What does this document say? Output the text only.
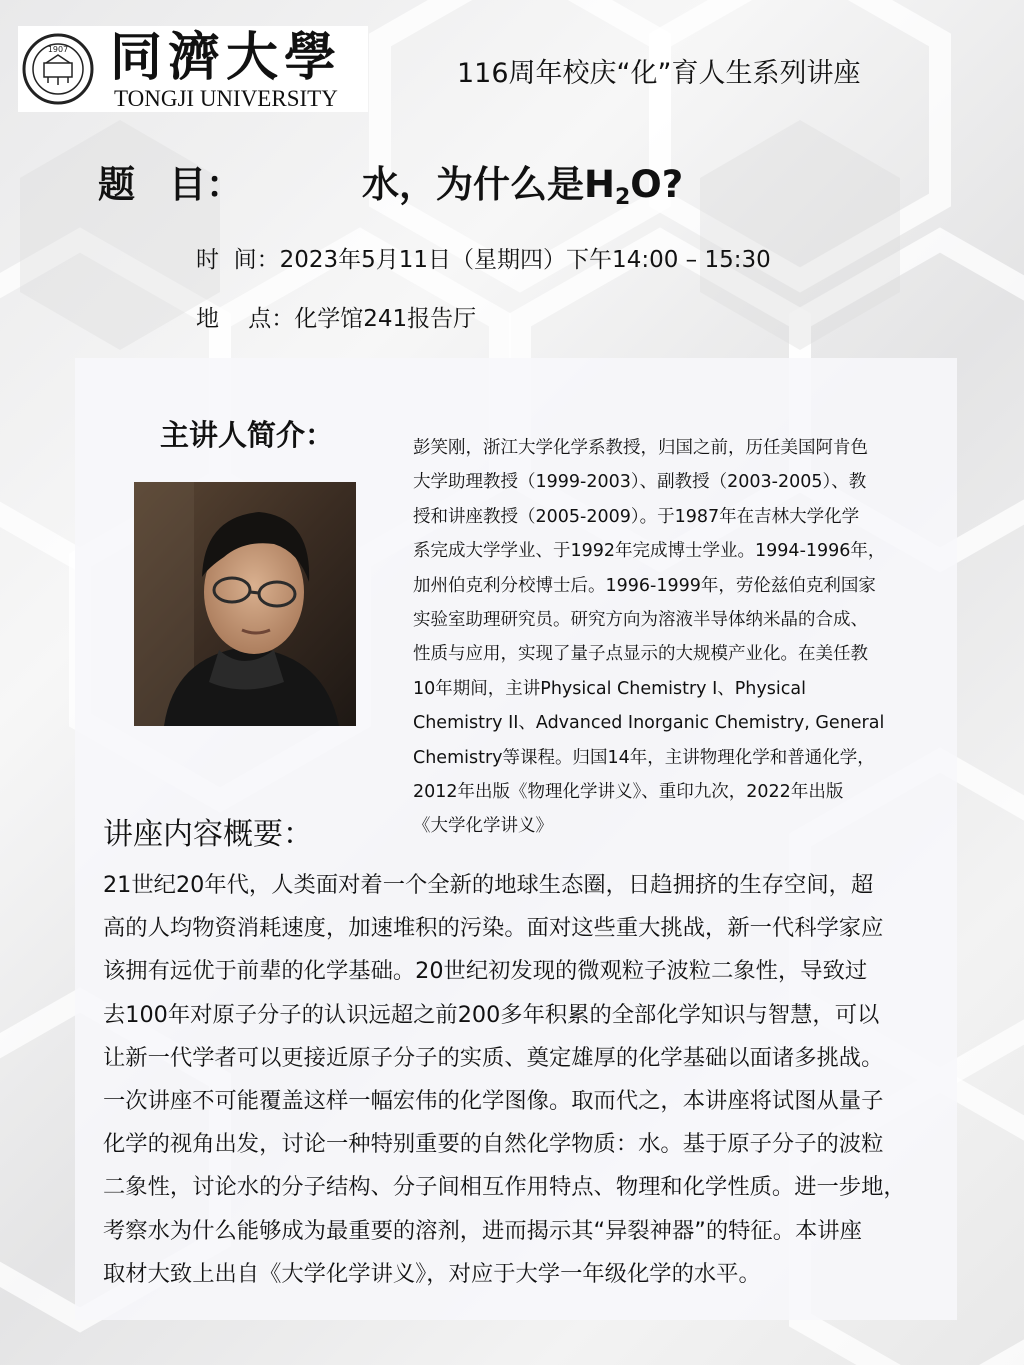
1907 同濟大學
TONGJI UNIVERSITY
116周年校庆“化”育人生系列讲座
题 目：	水，为什么是$H_2O$?
时  间：2023年5月11日（星期四）下午14:00 – 15:30
地    点：化学馆241报告厅
主讲人简介：	彭笑刚，浙江大学化学系教授，归国之前，历任美国阿肯色
大学助理教授（1999-2003）、副教授（2003-2005）、教
授和讲座教授（2005-2009）。于1987年在吉林大学化学
系完成大学学业、于1992年完成博士学业。1994-1996年，
加州伯克利分校博士后。1996-1999年，劳伦兹伯克利国家
实验室助理研究员。研究方向为溶液半导体纳米晶的合成、
性质与应用，实现了量子点显示的大规模产业化。在美任教
10年期间，主讲Physical Chemistry I、Physical
Chemistry II、Advanced Inorganic Chemistry, General
Chemistry等课程。归国14年，主讲物理化学和普通化学，
2012年出版《物理化学讲义》、重印九次，2022年出版
《大学化学讲义》
讲座内容概要：
21世纪20年代，人类面对着一个全新的地球生态圈，日趋拥挤的生存空间，超
高的人均物资消耗速度，加速堆积的污染。面对这些重大挑战，新一代科学家应
该拥有远优于前辈的化学基础。20世纪初发现的微观粒子波粒二象性，导致过
去100年对原子分子的认识远超之前200多年积累的全部化学知识与智慧，可以
让新一代学者可以更接近原子分子的实质、奠定雄厚的化学基础以面诸多挑战。
一次讲座不可能覆盖这样一幅宏伟的化学图像。取而代之，本讲座将试图从量子
化学的视角出发，讨论一种特别重要的自然化学物质：水。基于原子分子的波粒
二象性，讨论水的分子结构、分子间相互作用特点、物理和化学性质。进一步地，
考察水为什么能够成为最重要的溶剂，进而揭示其“异裂神器”的特征。本讲座
取材大致上出自《大学化学讲义》，对应于大学一年级化学的水平。
